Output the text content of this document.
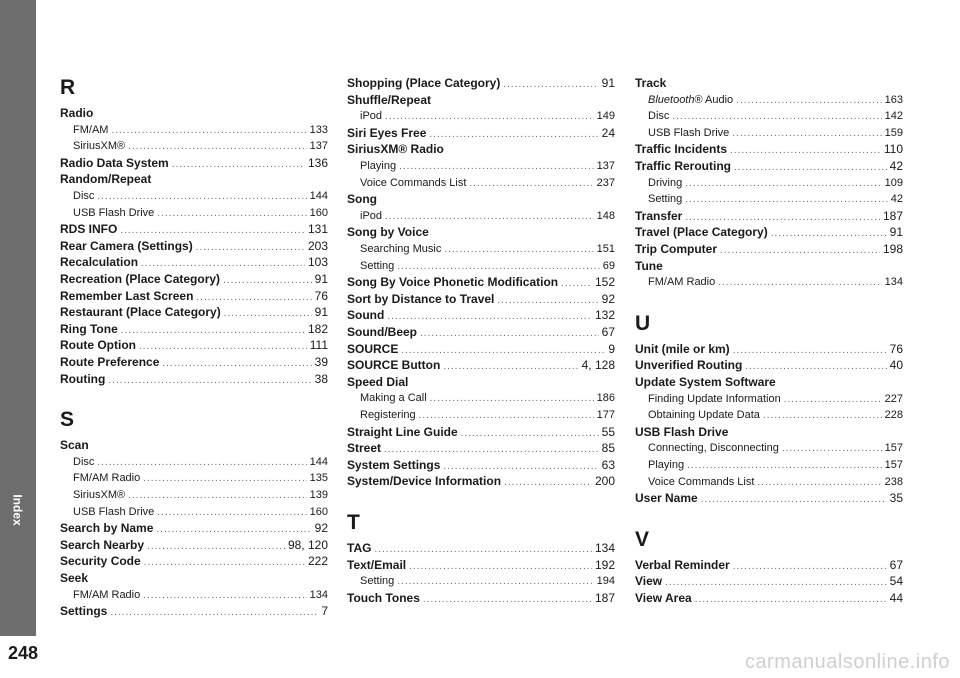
Index
248
R
Radio
FM/AM .....	133
SiriusXM® .....	137
Radio Data System .....	136
Random/Repeat
Disc .....	144
USB Flash Drive .....	160
RDS INFO .....	131
Rear Camera (Settings) .....	203
Recalculation .....	103
Recreation (Place Category) .....	91
Remember Last Screen .....	76
Restaurant (Place Category) .....	91
Ring Tone .....	182
Route Option .....	111
Route Preference .....	39
Routing .....	38
S
Scan
Disc .....	144
FM/AM Radio .....	135
SiriusXM® .....	139
USB Flash Drive .....	160
Search by Name .....	92
Search Nearby .....	98, 120
Security Code .....	222
Seek
FM/AM Radio .....	134
Settings .....	7
Shopping (Place Category) .....	91
Shuffle/Repeat
iPod .....	149
Siri Eyes Free .....	24
SiriusXM® Radio
Playing .....	137
Voice Commands List .....	237
Song
iPod .....	148
Song by Voice
Searching Music .....	151
Setting .....	69
Song By Voice Phonetic Modification .....	152
Sort by Distance to Travel .....	92
Sound .....	132
Sound/Beep .....	67
SOURCE .....	9
SOURCE Button .....	4, 128
Speed Dial
Making a Call .....	186
Registering .....	177
Straight Line Guide .....	55
Street .....	85
System Settings .....	63
System/Device Information .....	200
T
TAG .....	134
Text/Email .....	192
Setting .....	194
Touch Tones .....	187
Track
Bluetooth® Audio .....	163
Disc .....	142
USB Flash Drive .....	159
Traffic Incidents .....	110
Traffic Rerouting .....	42
Driving .....	109
Setting .....	42
Transfer .....	187
Travel (Place Category) .....	91
Trip Computer .....	198
Tune
FM/AM Radio .....	134
U
Unit (mile or km) .....	76
Unverified Routing .....	40
Update System Software
Finding Update Information .....	227
Obtaining Update Data .....	228
USB Flash Drive
Connecting, Disconnecting .....	157
Playing .....	157
Voice Commands List .....	238
User Name .....	35
V
Verbal Reminder .....	67
View .....	54
View Area .....	44
carmanualsonline.info
